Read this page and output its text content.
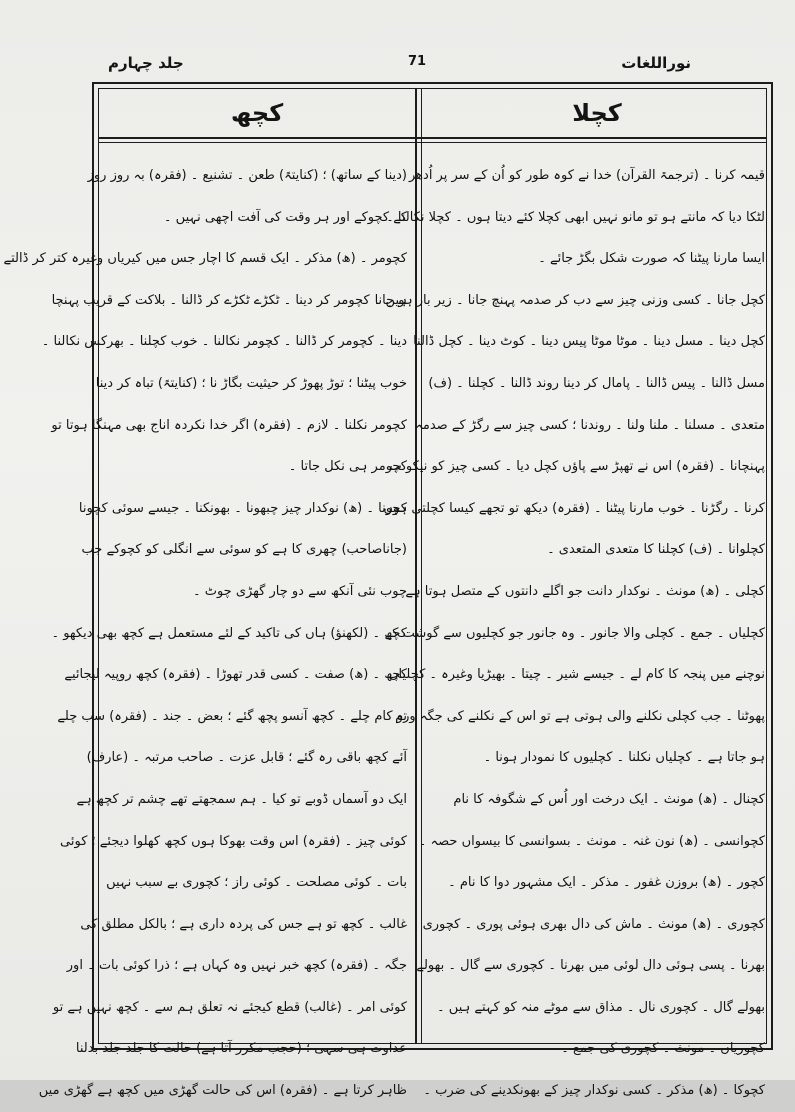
جلد چہارم	71	نوراللغات
کچھ	کچلا
قیمہ کرنا ۔ (ترجمۃ القرآن) خدا نے کوہ طور کو اُن کے سر پر اُدھر
لٹکا دیا کہ مانتے ہو تو مانو نہیں ابھی کچلا کئے دیتا ہوں ۔ کچلا نکالنا ۔
ایسا مارنا پیٹنا کہ صورت شکل بگڑ جائے ۔
کچل جانا ۔ کسی وزنی چیز سے دب کر صدمہ پہنچ جانا ۔ زیر بار ہو جانا
کچل دینا ۔ مسل دینا ۔ موٹا موٹا پیس دینا ۔ کوٹ دینا ۔ کچل ڈالنا
مسل ڈالنا ۔ پیس ڈالنا ۔ پامال کر دینا روند ڈالنا ۔ کچلنا ۔ (ف)
متعدی ۔ مسلنا ۔ ملنا ولنا ۔ روندنا ؛ کسی چیز سے رگڑ کے صدمہ
پہنچانا ۔ (فقرہ) اس نے تھپڑ سے پاؤں کچل دیا ۔ کسی چیز کو نیکو ب
کرنا ۔ رگڑنا ۔ خوب مارنا پیٹنا ۔ (فقرہ) دیکھ تو تجھے کیسا کچلتی ہوں
کچلوانا ۔ (ف) کچلنا کا متعدی المتعدی ۔
کچلی ۔ (ھ) مونث ۔ نوکدار دانت جو اگلے دانتوں کے متصل ہوتا ہے
کچلیاں ۔ جمع ۔ کچلی والا جانور ۔ وہ جانور جو کچلیوں سے گوشت کے
نوچنے میں پنجہ کا کام لے ۔ جیسے شیر ۔ چیتا ۔ بھیڑیا وغیرہ ۔ کچلیاں
پھوٹنا ۔ جب کچلی نکلنے والی ہوتی ہے تو اس کے نکلنے کی جگہ ورم
ہو جاتا ہے ۔ کچلیاں نکلنا ۔ کچلیوں کا نمودار ہونا ۔
کچنال ۔ (ھ) مونث ۔ ایک درخت اور اُس کے شگوفہ کا نام
کچوانسی ۔ (ھ) نون غنہ ۔ مونث ۔ بسوانسی کا بیسواں حصہ ۔
کچور ۔ (ھ) بروزن غفور ۔ مذکر ۔ ایک مشہور دوا کا نام ۔
کچوری ۔ (ھ) مونث ۔ ماش کی دال بھری ہوئی پوری ۔ کچوری
بھرنا ۔ پسی ہوئی دال لوئی میں بھرنا ۔ کچوری سے گال ۔ بھولے
بھولے گال ۔ کچوری نال ۔ مذاق سے موٹے منہ کو کہتے ہیں ۔
کچوریاں ۔ مونث ۔ کچوری کی جمع ۔
کچوکا ۔ (ھ) مذکر ۔ کسی نوکدار چیز کے بھونکدینے کی ضرب ۔
(دینا کے ساتھ) ؛ (کنایتہً) طعن ۔ تشنیع ۔ (فقرہ) بہ روز روز
کے کچوکے اور ہر وقت کی آفت اچھی نہیں ۔
کچومر ۔ (ھ) مذکر ۔ ایک قسم کا اچار جس میں کیریاں وغیرہ کتر کر ڈالتے
ہیں ۔ کچومر کر دینا ۔ ٹکڑے ٹکڑے کر ڈالنا ۔ بلاکت کے قریب پہنچا
دینا ۔ کچومر کر ڈالنا ۔ کچومر نکالنا ۔ خوب کچلنا ۔ بھرکس نکالنا ۔
خوب پیٹنا ؛ توڑ پھوڑ کر حیثیت بگاڑ نا ؛ (کنایتہً) تباہ کر دینا
کچومر نکلنا ۔ لازم ۔ (فقرہ) اگر خدا نکردہ اناج بھی مہنگا ہوتا تو
کچومر ہی نکل جاتا ۔
کچونا ۔ (ھ) نوکدار چیز چبھونا ۔ بھونکنا ۔ جیسے سوئی کچونا
(جاناصاحب) چھری کا ہے کو سوئی سے انگلی کو کچوکے جب
چوب نئی آنکھ سے دو چار گھڑی چوٹ ۔
کچھ ۔ (لکھنؤ) ہاں کی تاکید کے لئے مستعمل ہے کچھ بھی دیکھو ۔
کچھ ۔ (ھ) صفت ۔ کسی قدر تھوڑا ۔ (فقرہ) کچھ روپیہ لیجائیے
تو کام چلے ۔ کچھ آنسو پچھ گئے ؛ بعض ۔ جند ۔ (فقرہ) سب چلے
آئے کچھ باقی رہ گئے ؛ قابل عزت ۔ صاحب مرتبہ ۔ (عارف)
ایک دو آسماں ڈوبے تو کیا ۔ ہم سمجھتے تھے چشم تر کچھ ہے
کوئی چیز ۔ (فقرہ) اس وقت بھوکا ہوں کچھ کھلوا دیجئے ؛ کوئی
بات ۔ کوئی مصلحت ۔ کوئی راز ؛ کچوری بے سبب نہیں
غالب ۔ کچھ تو ہے جس کی پردہ داری ہے ؛ بالکل مطلق کی
جگہ ۔ (فقرہ) کچھ خبر نہیں وہ کہاں ہے ؛ ذرا کوئی بات ۔ اور
کوئی امر ۔ (غالب) قطع کیجئے نہ تعلق ہم سے ۔ کچھ نہیں ہے تو
عداوت ہی سہی ؛ (حجب مکرر آتا ہے) حالت کا جلد جلد بدلنا
ظاہر کرتا ہے ۔ (فقرہ) اس کی حالت گھڑی میں کچھ ہے گھڑی میں
